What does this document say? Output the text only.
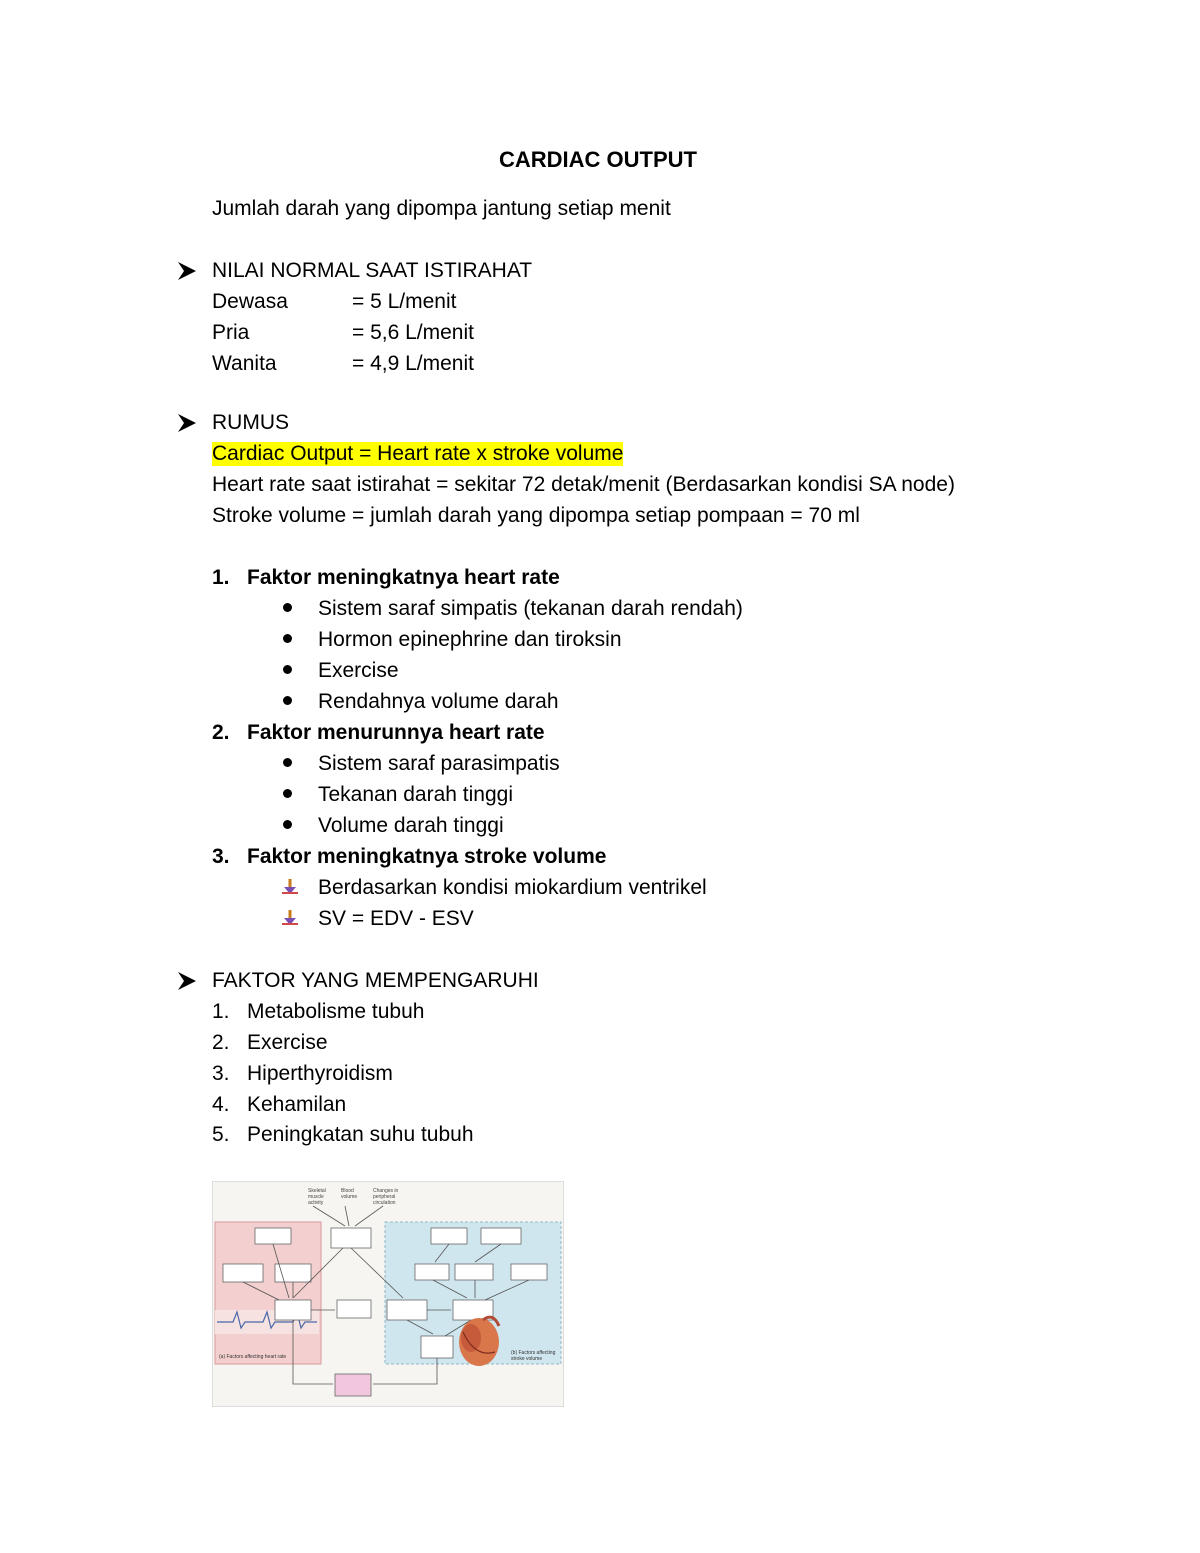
CARDIAC OUTPUT
Jumlah darah yang dipompa jantung setiap menit
NILAI NORMAL SAAT ISTIRAHAT
Dewasa	= 5 L/menit
Pria	= 5,6 L/menit
Wanita	= 4,9 L/menit
RUMUS
Cardiac Output = Heart rate x stroke volume
Heart rate saat istirahat = sekitar 72 detak/menit (Berdasarkan kondisi SA node)
Stroke volume = jumlah darah yang dipompa setiap pompaan = 70 ml
1. Faktor meningkatnya heart rate
Sistem saraf simpatis (tekanan darah rendah)
Hormon epinephrine dan tiroksin
Exercise
Rendahnya volume darah
2. Faktor menurunnya heart rate
Sistem saraf parasimpatis
Tekanan darah tinggi
Volume darah tinggi
3. Faktor meningkatnya stroke volume
Berdasarkan kondisi miokardium ventrikel
SV = EDV - ESV
FAKTOR YANG MEMPENGARUHI
1. Metabolisme tubuh
2. Exercise
3. Hiperthyroidism
4. Kehamilan
5. Peningkatan suhu tubuh
Skeletal
muscle
activity
Blood
volume
Changes in
peripheral
circulation
(a) Factors affecting heart rate
(b) Factors affecting
stroke volume
